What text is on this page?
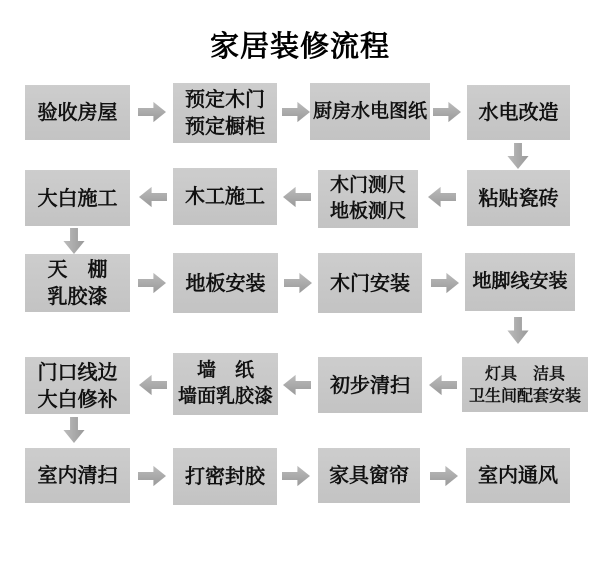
家居装修流程
验收房屋
预定木门
预定橱柜
厨房水电图纸	水电改造
大白施工	木工施工	木门测尺
地板测尺
粘贴瓷砖
天　棚
乳胶漆
地板安装	木门安装	地脚线安装
门口线边
大白修补
墙　纸
墙面乳胶漆	初步清扫	灯具　洁具
卫生间配套安装
室内清扫	打密封胶	家具窗帘	室内通风
